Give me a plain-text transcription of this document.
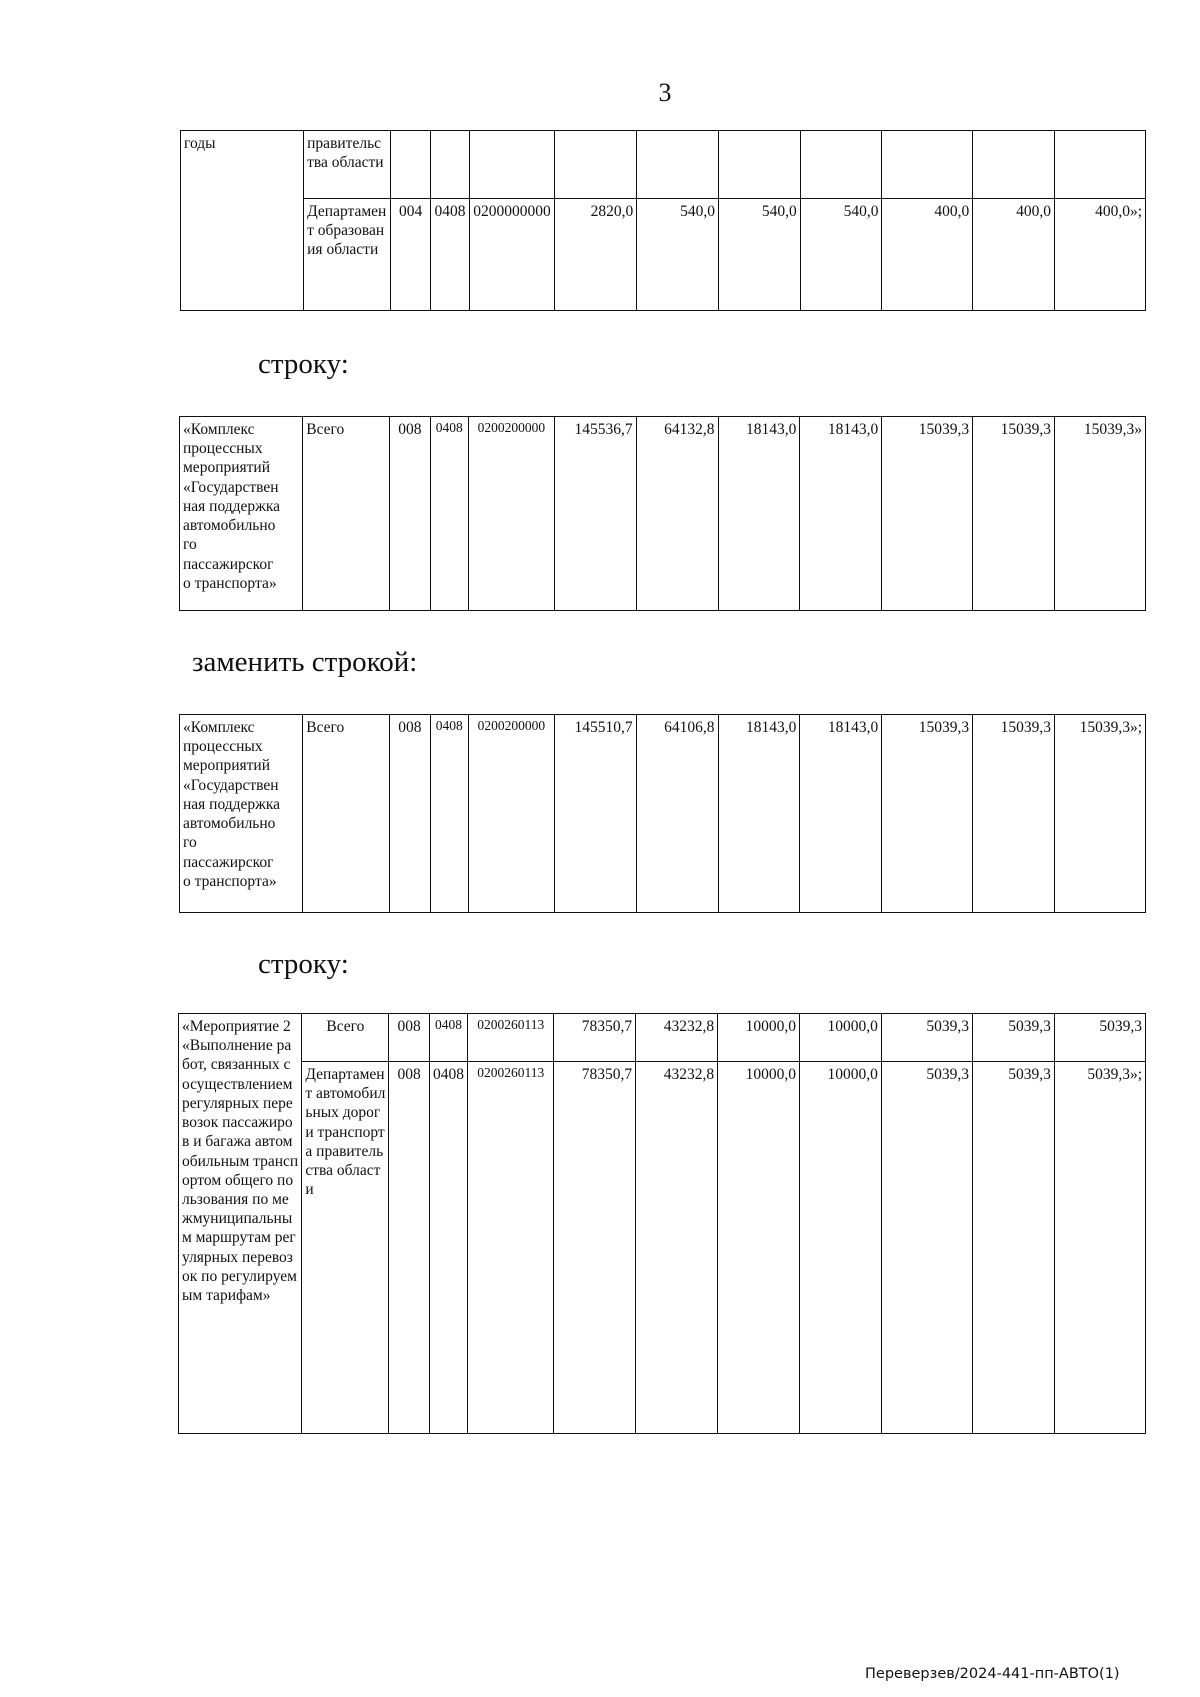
3
годы	правительства области										
	Департамент образования области	004	0408	0200000000	2820,0	540,0	540,0	540,0	400,0	400,0	400,0»;
строку:
«Комплекс
процессных
мероприятий
«Государствен
ная поддержка
автомобильно
го
пассажирског
о транспорта»	Всего	008	0408	0200200000	145536,7	64132,8	18143,0	18143,0	15039,3	15039,3	15039,3»
заменить строкой:
«Комплекс
процессных
мероприятий
«Государствен
ная поддержка
автомобильно
го
пассажирског
о транспорта»	Всего	008	0408	0200200000	145510,7	64106,8	18143,0	18143,0	15039,3	15039,3	15039,3»;
строку:
«Мероприятие 2 «Выполнение работ, связанных с осуществлением регулярных перевозок пассажиров и багажа автомобильным транспортом общего пользования по межмуниципальным маршрутам регулярных перевозок по регулируемым тарифам»	Всего	008	0408	0200260113	78350,7	43232,8	10000,0	10000,0	5039,3	5039,3	5039,3
	Департамент автомобильных дорог и транспорта правительства области	008	0408	0200260113	78350,7	43232,8	10000,0	10000,0	5039,3	5039,3	5039,3»;
Переверзев/2024-441-пп-АВТО(1)
